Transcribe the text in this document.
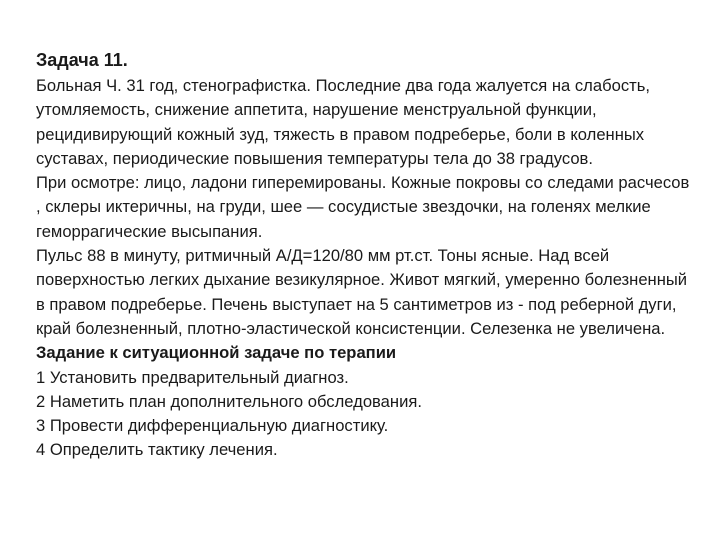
Задача 11.

Больная Ч. 31 год, стенографистка. Последние два года жалуется на слабость, утомляемость, снижение аппетита, нарушение менструальной функции, рецидивирующий кожный зуд, тяжесть в правом подреберье, боли в коленных суставах, периодические повышения температуры тела до 38 градусов.

При осмотре: лицо, ладони гиперемированы. Кожные покровы со следами расчесов , склеры иктеричны, на груди, шее — сосудистые звездочки, на голенях мелкие геморрагические высыпания.

Пульс 88 в минуту, ритмичный А/Д=120/80 мм рт.ст. Тоны ясные. Над всей поверхностью легких дыхание везикулярное. Живот мягкий, умеренно болезненный в правом подреберье. Печень выступает на 5 сантиметров из - под реберной дуги, край болезненный, плотно-эластической консистенции. Селезенка не увеличена.

Задание к ситуационной задаче по терапии

1 Установить предварительный диагноз.

2 Наметить план дополнительного обследования.

3 Провести дифференциальную диагностику.

4 Определить тактику лечения.
